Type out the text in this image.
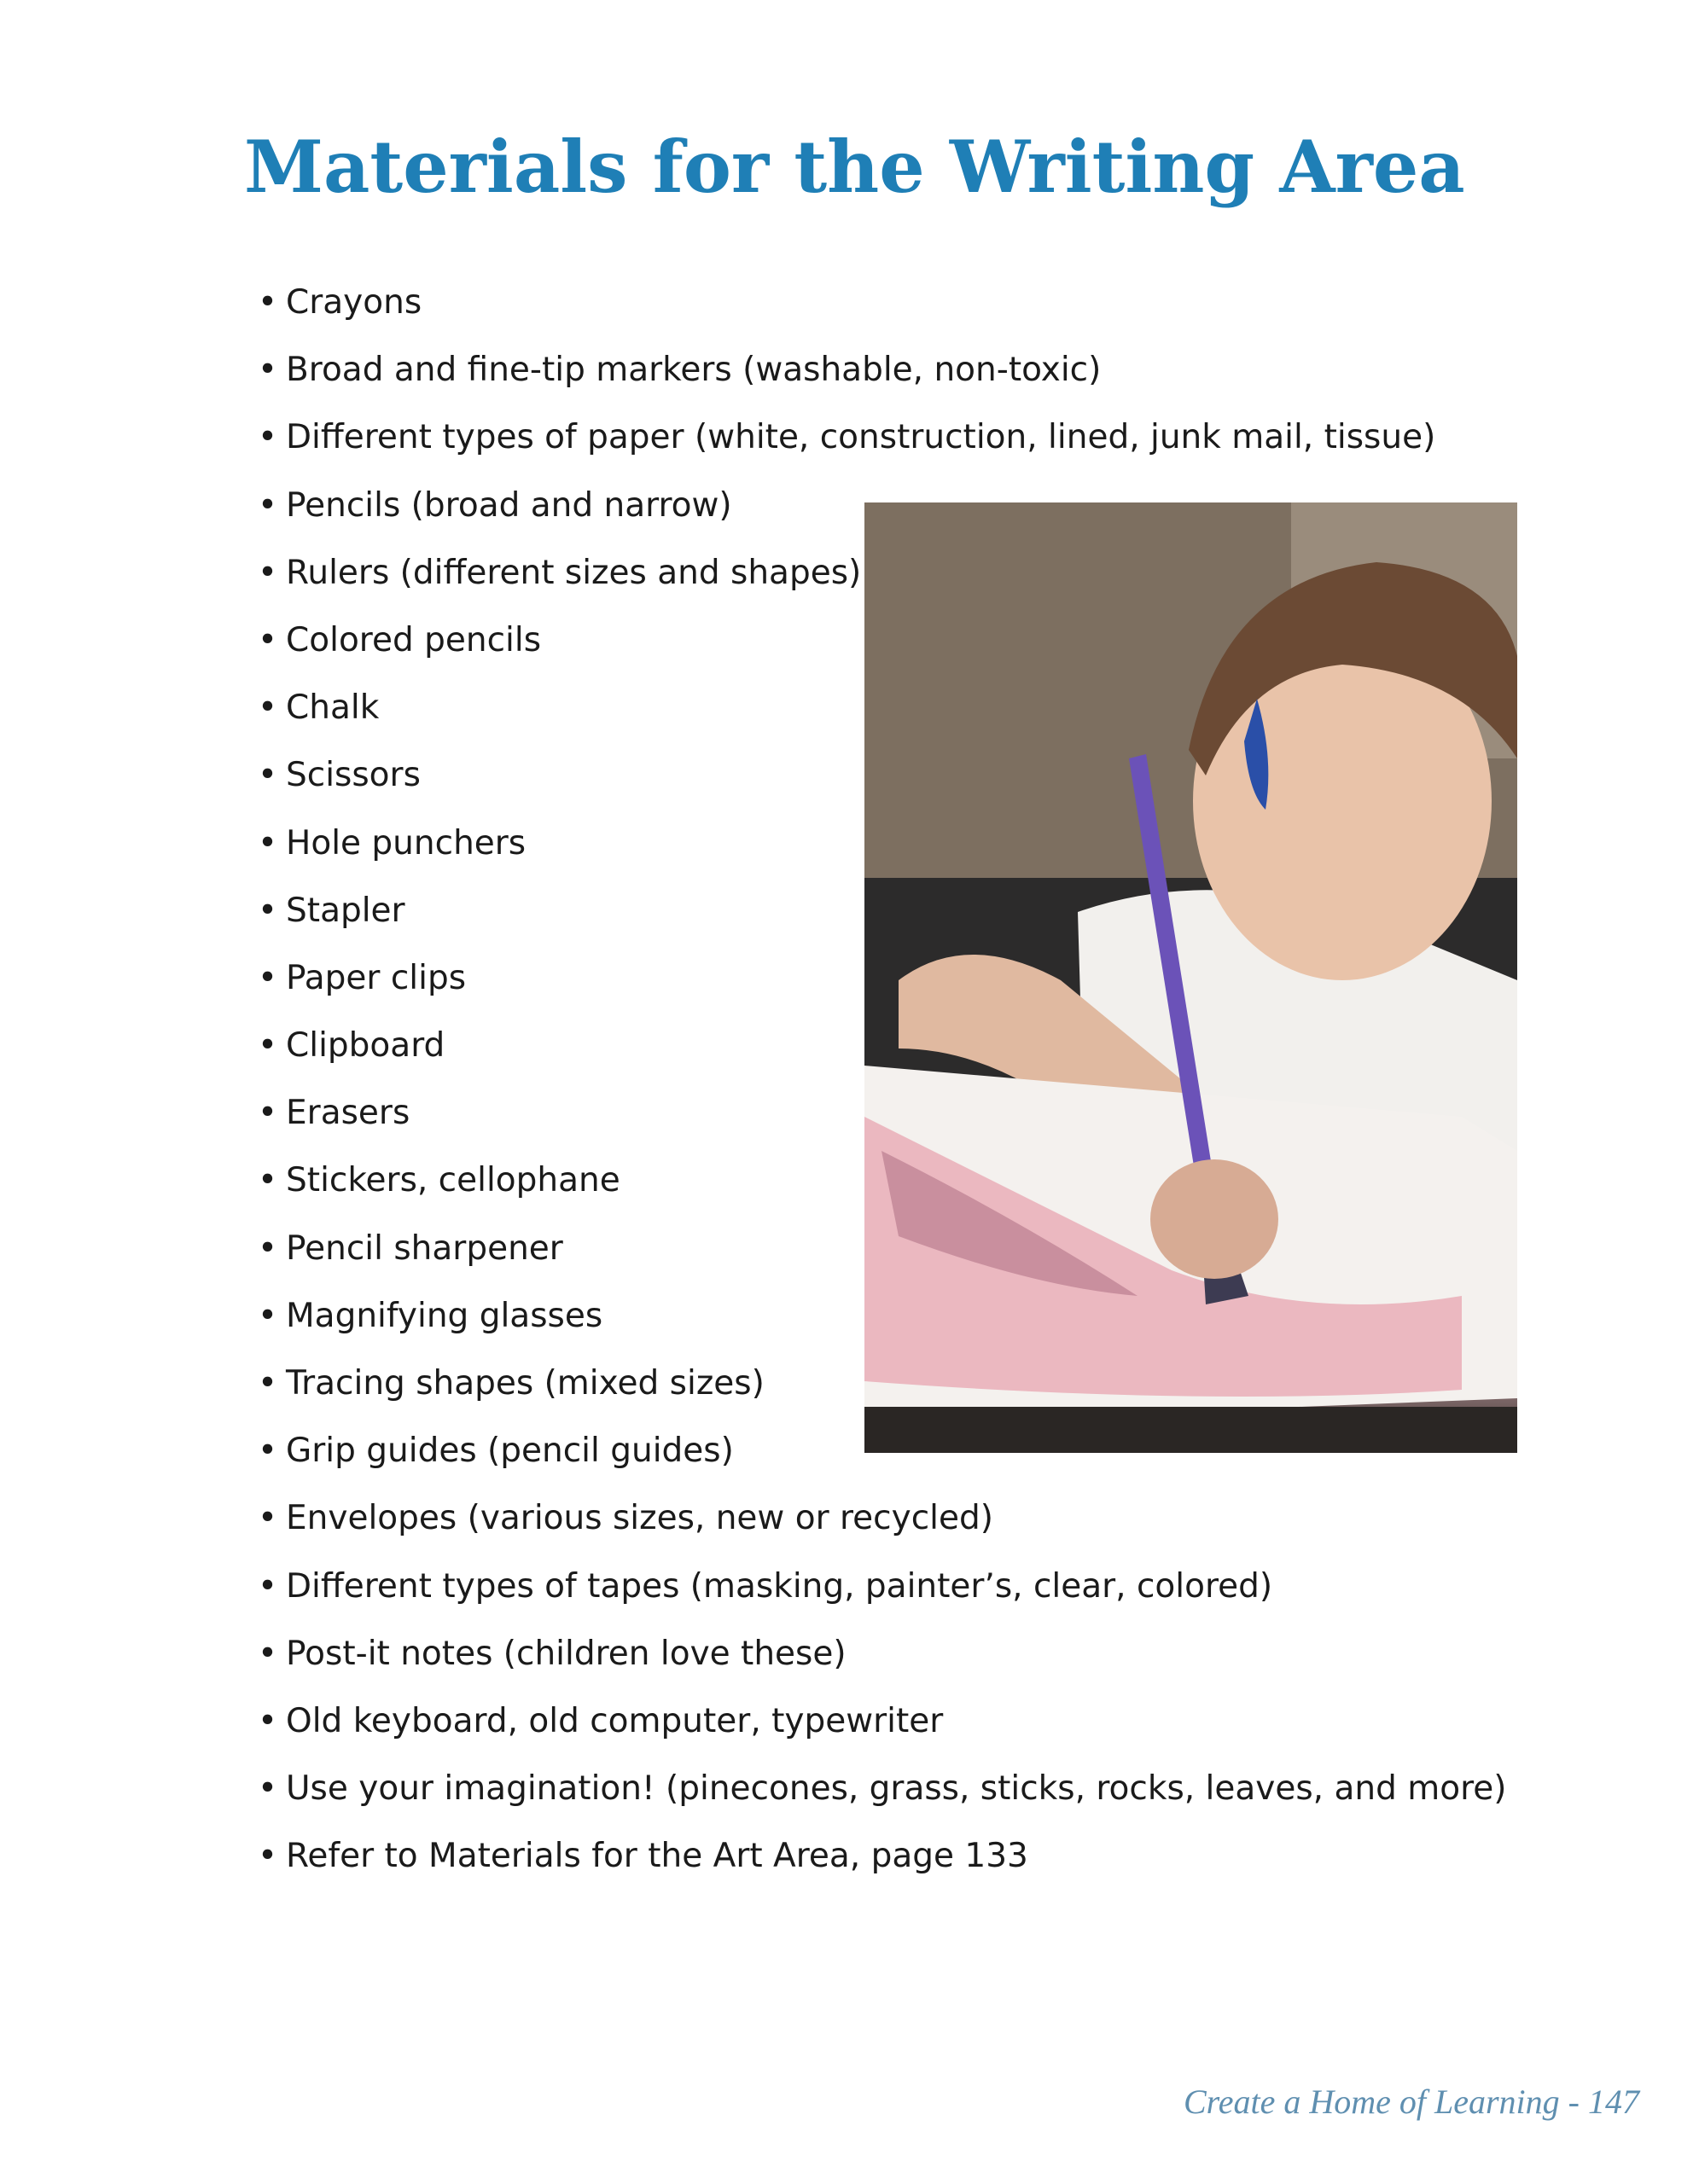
Materials for the Writing Area
• Crayons
• Broad and fine-tip markers (washable, non-toxic)
• Different types of paper (white, construction, lined, junk mail, tissue)
• Pencils (broad and narrow)
• Rulers (different sizes and shapes)
• Colored pencils
• Chalk
• Scissors
• Hole punchers
• Stapler
• Paper clips
• Clipboard
• Erasers
• Stickers, cellophane
• Pencil sharpener
• Magnifying glasses
• Tracing shapes (mixed sizes)
• Grip guides (pencil guides)
• Envelopes (various sizes, new or recycled)
• Different types of tapes (masking, painter’s, clear, colored)
• Post-it notes (children love these)
• Old keyboard, old computer, typewriter
• Use your imagination! (pinecones, grass, sticks, rocks, leaves, and more)
• Refer to Materials for the Art Area, page 133

Create a Home of Learning - 147
